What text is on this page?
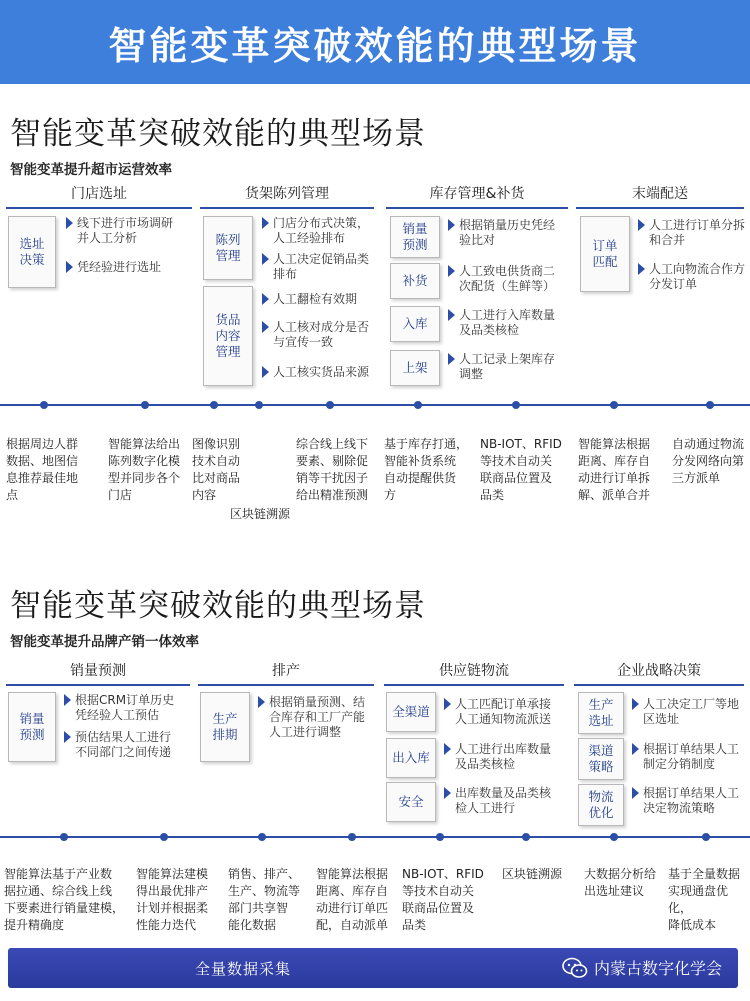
智能变革突破效能的典型场景
智能变革突破效能的典型场景
智能变革提升超市运营效率
门店选址
选址
决策
线下进行市场调研
并人工分析
凭经验进行选址
货架陈列管理
陈列
管理
货品
内容
管理
门店分布式决策，
人工经验排布
人工决定促销品类
排布
人工翻检有效期
人工核对成分是否
与宣传一致
人工核实货品来源
库存管理&补货
销量
预测
补货
入库
上架
根据销量历史凭经
验比对
人工致电供货商二
次配货（生鲜等）
人工进行入库数量
及品类核检
人工记录上架库存
调整
末端配送
订单
匹配
人工进行订单分拆
和合并
人工向物流合作方
分发订单
根据周边人群
数据、地图信
息推荐最佳地
点
智能算法给出
陈列数字化模
型并同步各个
门店
图像识别
技术自动
比对商品
内容
区块链溯源
综合线上线下
要素、剔除促
销等干扰因子
给出精准预测
基于库存打通，
智能补货系统
自动提醒供货
方
NB-IOT、RFID
等技术自动关
联商品位置及
品类
智能算法根据
距离、库存自
动进行订单拆
解、派单合并
自动通过物流
分发网络向第
三方派单
智能变革突破效能的典型场景
智能变革提升品牌产销一体效率
销量预测
销量
预测
根据CRM订单历史
凭经验人工预估
预估结果人工进行
不同部门之间传递
排产
生产
排期
根据销量预测、结
合库存和工厂产能
人工进行调整
供应链物流
全渠道
出入库
安全
人工匹配订单承接
人工通知物流派送
人工进行出库数量
及品类核检
出库数量及品类核
检人工进行
企业战略决策
生产
选址
渠道
策略
物流
优化
人工决定工厂等地
区选址
根据订单结果人工
制定分销制度
根据订单结果人工
决定物流策略
智能算法基于产业数
据拉通、综合线上线
下要素进行销量建模，
提升精确度
智能算法建模
得出最优排产
计划并根据柔
性能力迭代
销售、排产、
生产、物流等
部门共享智
能化数据
智能算法根据
距离、库存自
动进行订单匹
配，自动派单
NB-IOT、RFID
等技术自动关
联商品位置及
品类
区块链溯源	大数据分析给
出选址建议
基于全量数据
实现通盘优化，
降低成本
全量数据采集	内蒙古数字化学会
